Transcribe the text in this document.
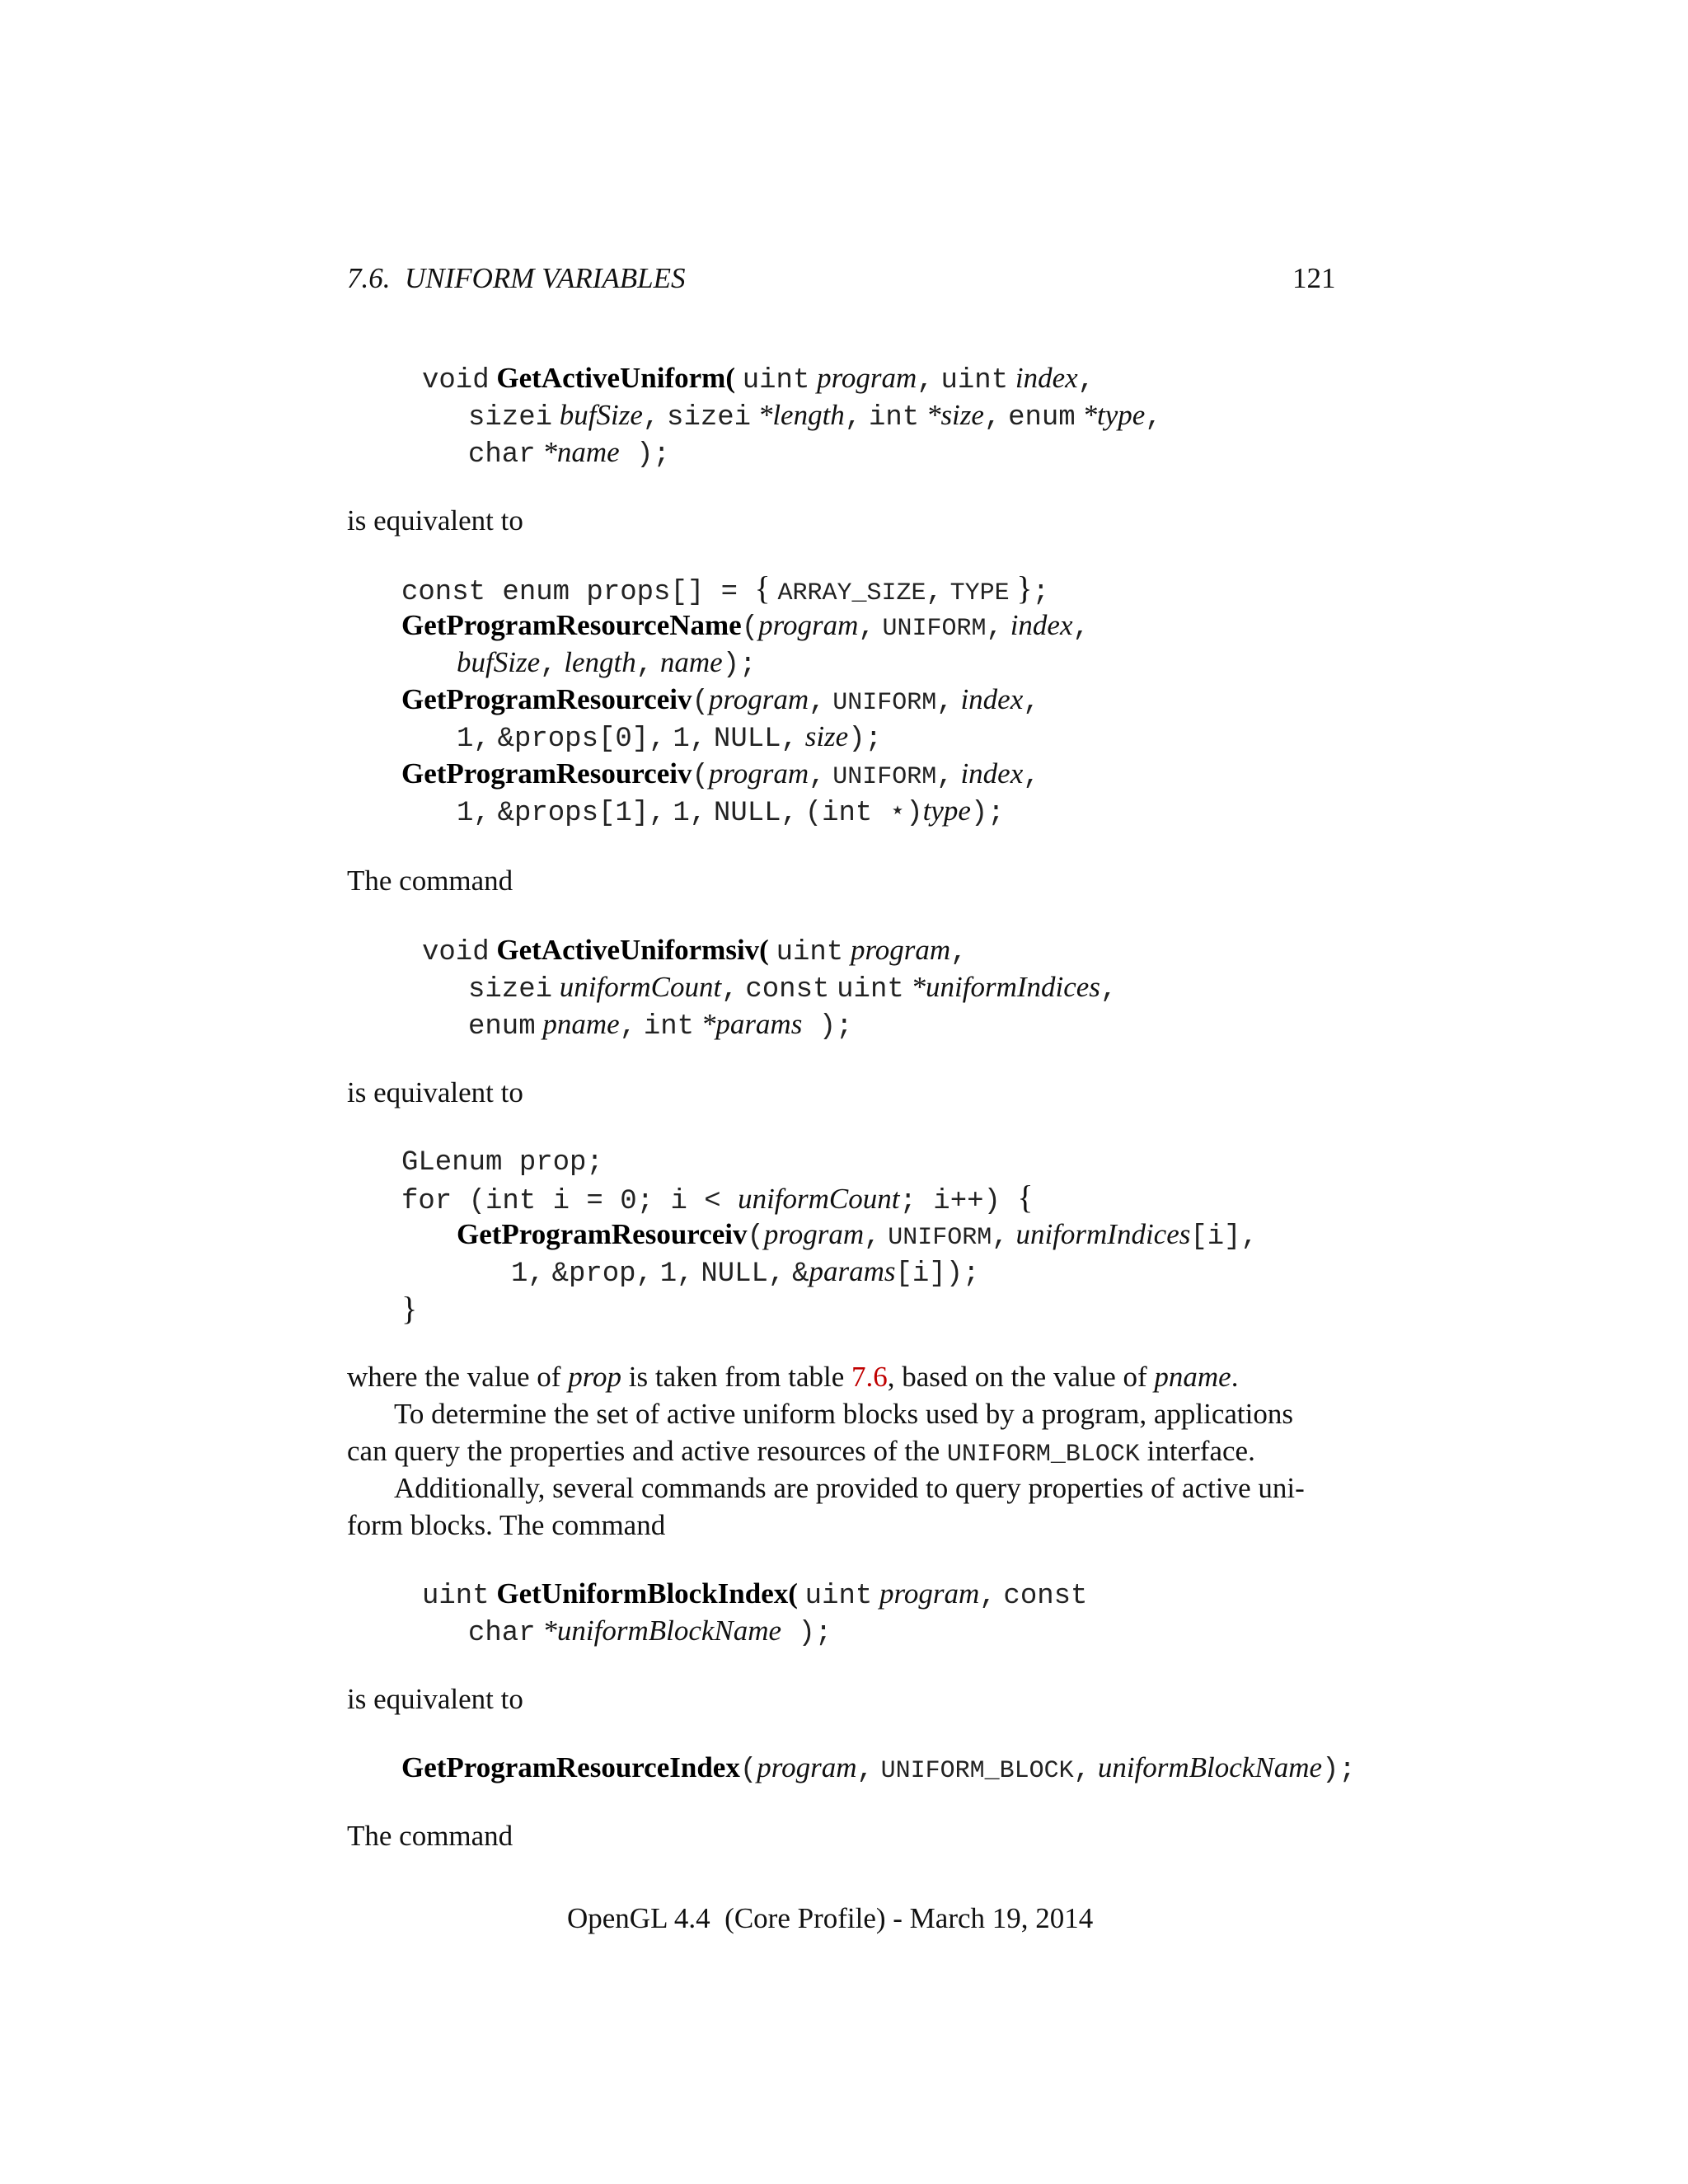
7.6.  UNIFORM VARIABLES	121
void GetActiveUniform( uint program, uint index,
sizei bufSize, sizei *length, int *size, enum *type,
char *name );
is equivalent to
const enum props[] = { ARRAY_SIZE, TYPE };
GetProgramResourceName(program, UNIFORM, index,
bufSize, length, name);
GetProgramResourceiv(program, UNIFORM, index,
1, &props[0], 1, NULL, size);
GetProgramResourceiv(program, UNIFORM, index,
1, &props[1], 1, NULL, (int ⋆)type);
The command
void GetActiveUniformsiv( uint program,
sizei uniformCount, const uint *uniformIndices,
enum pname, int *params );
is equivalent to
GLenum prop;
for (int i = 0; i < uniformCount; i++) {
GetProgramResourceiv(program, UNIFORM, uniformIndices[i],
1, &prop, 1, NULL, &params[i]);
}
where the value of prop is taken from table 7.6, based on the value of pname.
To determine the set of active uniform blocks used by a program, applications
can query the properties and active resources of the UNIFORM_BLOCK interface.
Additionally, several commands are provided to query properties of active uni-
form blocks. The command
uint GetUniformBlockIndex( uint program, const
char *uniformBlockName );
is equivalent to
GetProgramResourceIndex(program, UNIFORM_BLOCK, uniformBlockName);
The command
OpenGL 4.4  (Core Profile) - March 19, 2014
